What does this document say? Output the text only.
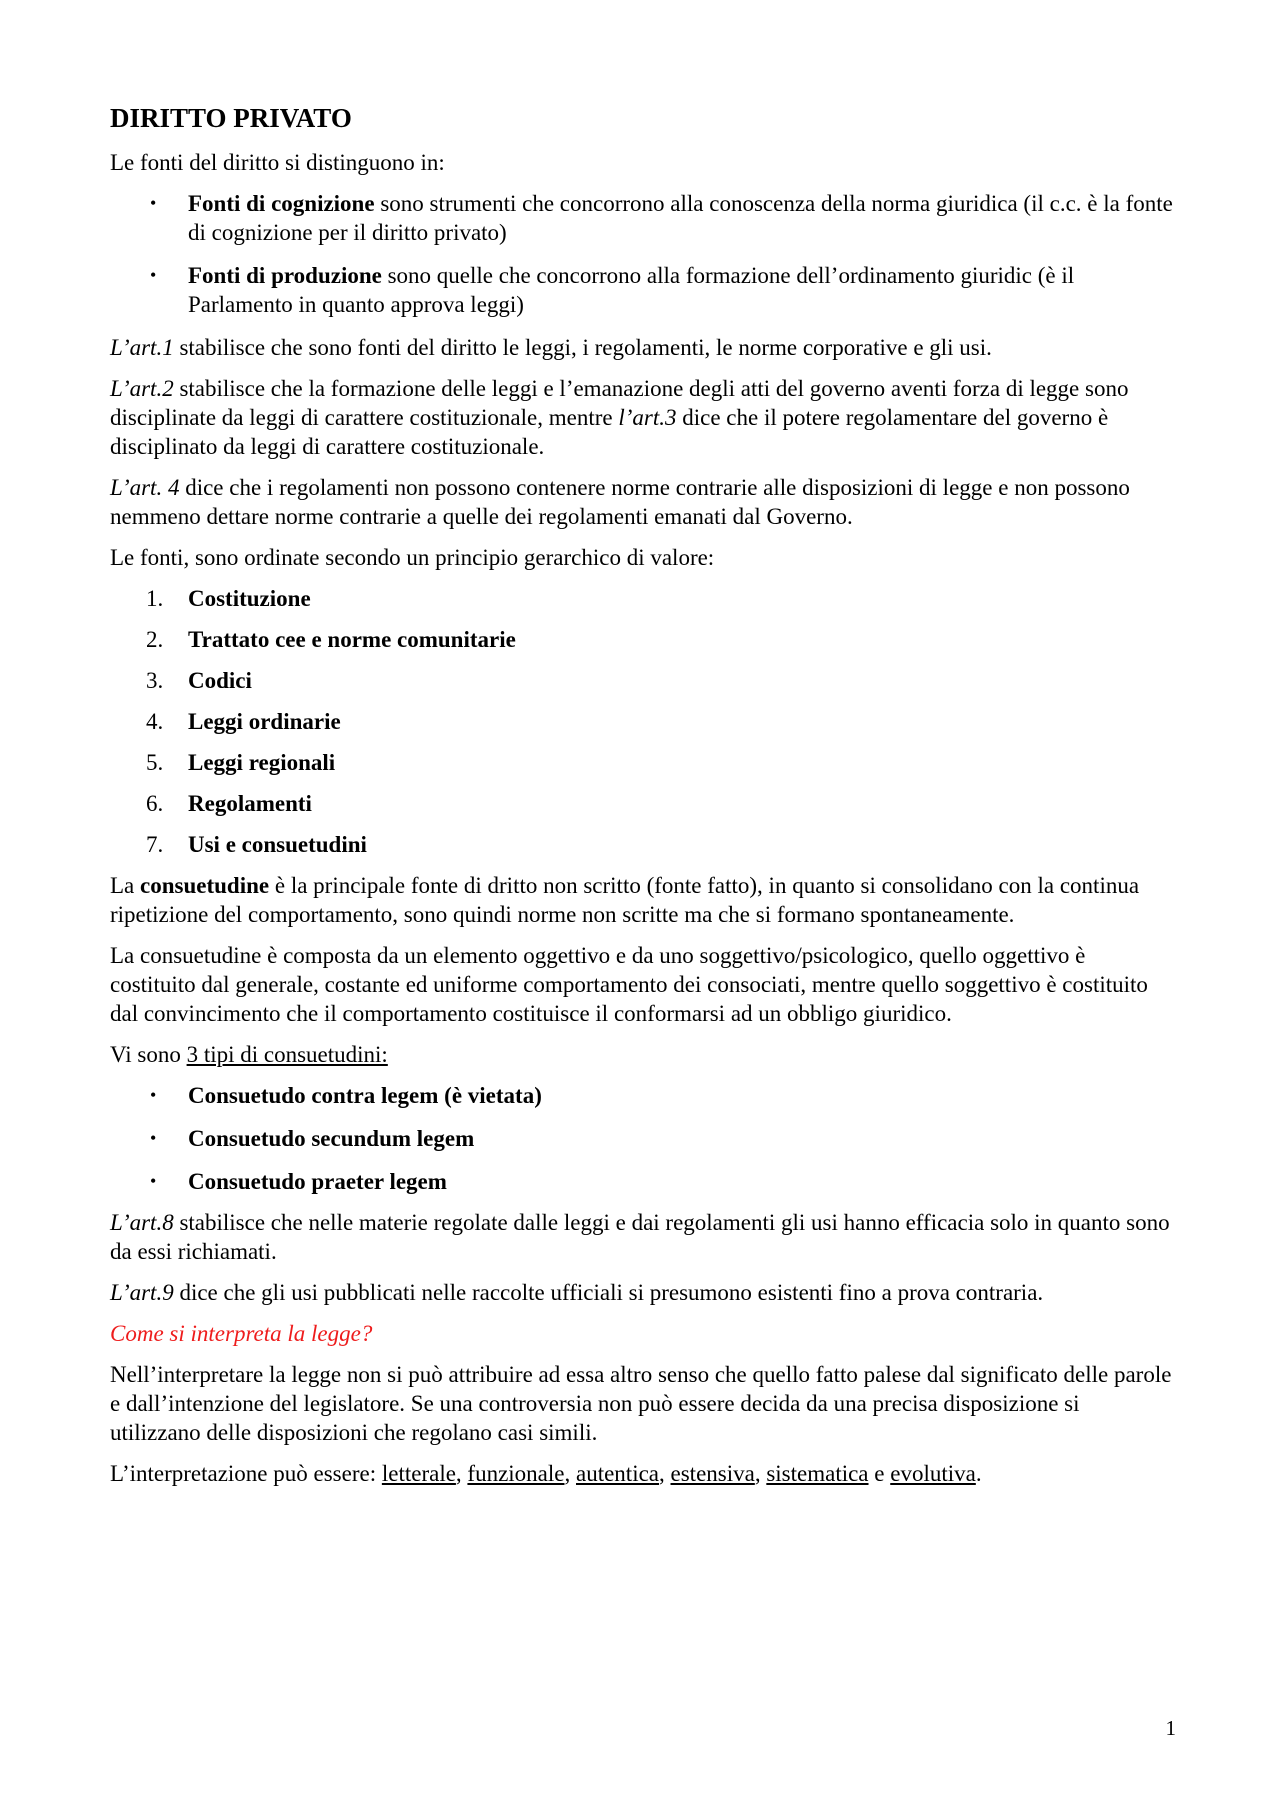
DIRITTO PRIVATO

Le fonti del diritto si distinguono in:

• Fonti di cognizione sono strumenti che concorrono alla conoscenza della norma giuridica (il c.c. è la fonte di cognizione per il diritto privato)
• Fonti di produzione sono quelle che concorrono alla formazione dell’ordinamento giuridic (è il Parlamento in quanto approva leggi)

L’art.1 stabilisce che sono fonti del diritto le leggi, i regolamenti, le norme corporative e gli usi.

L’art.2 stabilisce che la formazione delle leggi e l’emanazione degli atti del governo aventi forza di legge sono disciplinate da leggi di carattere costituzionale, mentre l’art.3 dice che il potere regolamentare del governo è disciplinato da leggi di carattere costituzionale.

L’art. 4 dice che i regolamenti non possono contenere norme contrarie alle disposizioni di legge e non possono nemmeno dettare norme contrarie a quelle dei regolamenti emanati dal Governo.

Le fonti, sono ordinate secondo un principio gerarchico di valore:

1. Costituzione
2. Trattato cee e norme comunitarie
3. Codici
4. Leggi ordinarie
5. Leggi regionali
6. Regolamenti
7. Usi e consuetudini

La consuetudine è la principale fonte di dritto non scritto (fonte fatto), in quanto si consolidano con la continua ripetizione del comportamento, sono quindi norme non scritte ma che si formano spontaneamente.

La consuetudine è composta da un elemento oggettivo e da uno soggettivo/psicologico, quello oggettivo è costituito dal generale, costante ed uniforme comportamento dei consociati, mentre quello soggettivo è costituito dal convincimento che il comportamento costituisce il conformarsi ad un obbligo giuridico.

Vi sono 3 tipi di consuetudini:

• Consuetudo contra legem (è vietata)
• Consuetudo secundum legem
• Consuetudo praeter legem

L’art.8 stabilisce che nelle materie regolate dalle leggi e dai regolamenti gli usi hanno efficacia solo in quanto sono da essi richiamati.

L’art.9 dice che gli usi pubblicati nelle raccolte ufficiali si presumono esistenti fino a prova contraria.

Come si interpreta la legge?

Nell’interpretare la legge non si può attribuire ad essa altro senso che quello fatto palese dal significato delle parole e dall’intenzione del legislatore. Se una controversia non può essere decida da una precisa disposizione si utilizzano delle disposizioni che regolano casi simili.

L’interpretazione può essere: letterale, funzionale, autentica, estensiva, sistematica e evolutiva.

1
